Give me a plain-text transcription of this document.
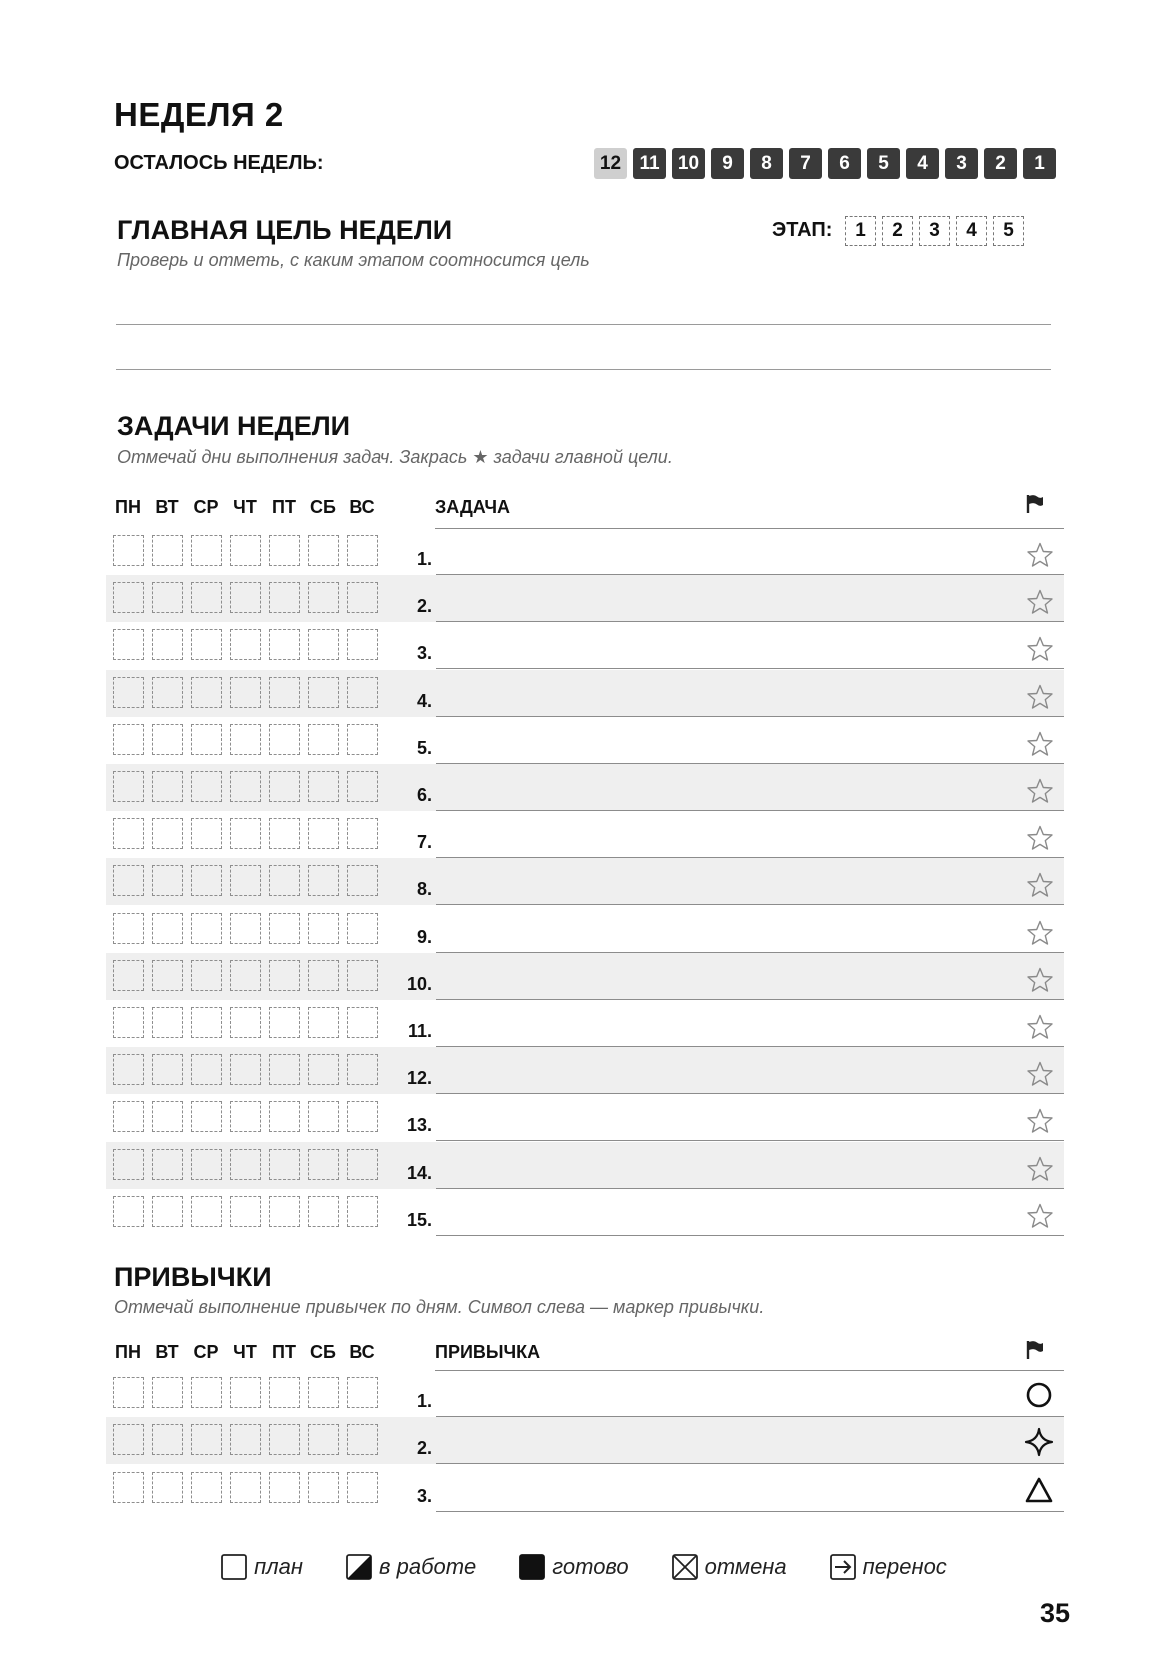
НЕДЕЛЯ 2
ОСТАЛОСЬ НЕДЕЛЬ:	12 11 10	9	8	7	6	5	4	3	2	1
ГЛАВНАЯ ЦЕЛЬ НЕДЕЛИ
Проверь и отметь, с каким этапом соотносится цель
ЭТАП:	1	2	3	4	5
ЗАДАЧИ НЕДЕЛИ
Отмечай дни выполнения задач. Закрась ★ задачи главной цели.
ПН ВТ СР ЧТ ПТ СБ ВС	ЗАДАЧА
1.
2.
3.
4.
5.
6.
7.
8.
9.
10.
11.
12.
13.
14.
15.
ПРИВЫЧКИ
Отмечай выполнение привычек по дням. Символ слева — маркер привычки.
ПН ВТ СР ЧТ ПТ СБ ВС	ПРИВЫЧКА
1.
2.
3.
план	в работе	готово	отмена	перенос
35
